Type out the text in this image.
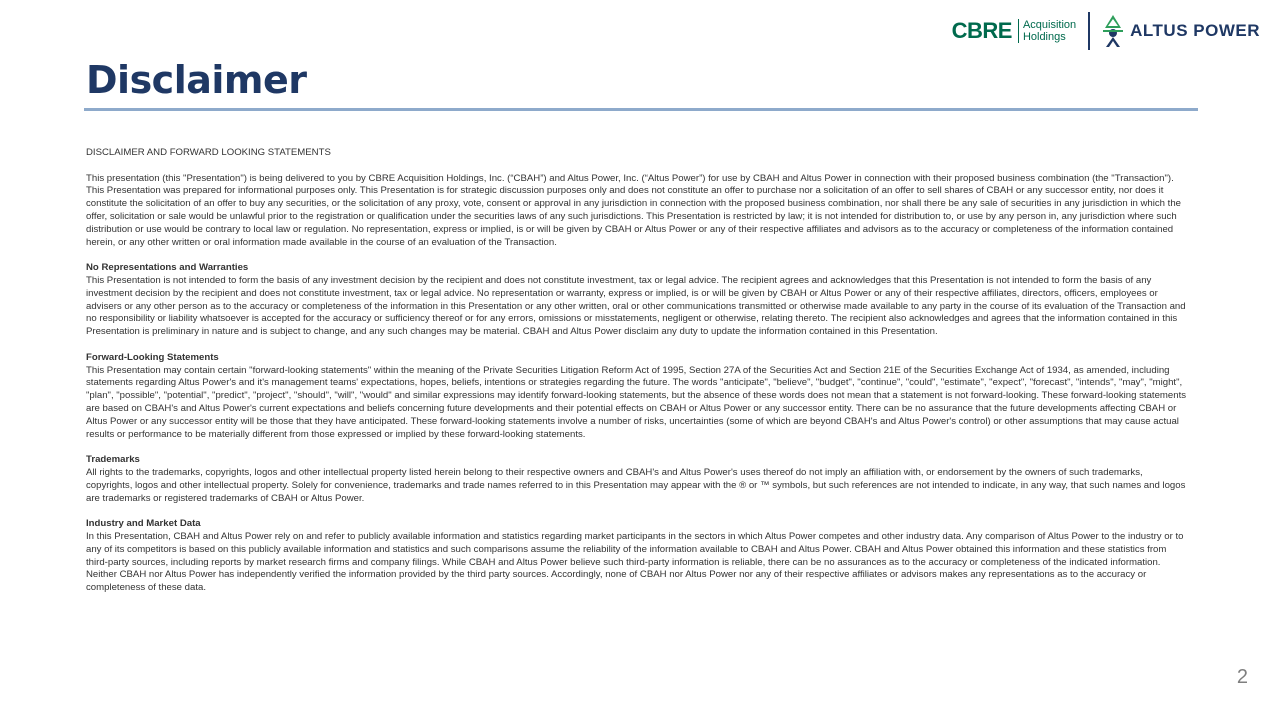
CBRE Acquisition
Holdings	ALTUS POWER
Disclaimer

DISCLAIMER AND FORWARD LOOKING STATEMENTS

This presentation (this "Presentation") is being delivered to you by CBRE Acquisition Holdings, Inc. (“CBAH”) and Altus Power, Inc. (“Altus Power”) for use by CBAH and Altus Power in connection with their proposed business combination (the "Transaction"). This Presentation was prepared for informational purposes only. This Presentation is for strategic discussion purposes only and does not constitute an offer to purchase nor a solicitation of an offer to sell shares of CBAH or any successor entity, nor does it constitute the solicitation of an offer to buy any securities, or the solicitation of any proxy, vote, consent or approval in any jurisdiction in connection with the proposed business combination, nor shall there be any sale of securities in any jurisdiction in which the offer, solicitation or sale would be unlawful prior to the registration or qualification under the securities laws of any such jurisdictions. This Presentation is restricted by law; it is not intended for distribution to, or use by any person in, any jurisdiction where such distribution or use would be contrary to local law or regulation. No representation, express or implied, is or will be given by CBAH or Altus Power or any of their respective affiliates and advisors as to the accuracy or completeness of the information contained herein, or any other written or oral information made available in the course of an evaluation of the Transaction.

No Representations and Warranties

This Presentation is not intended to form the basis of any investment decision by the recipient and does not constitute investment, tax or legal advice. The recipient agrees and acknowledges that this Presentation is not intended to form the basis of any investment decision by the recipient and does not constitute investment, tax or legal advice. No representation or warranty, express or implied, is or will be given by CBAH or Altus Power or any of their respective affiliates, directors, officers, employees or advisers or any other person as to the accuracy or completeness of the information in this Presentation or any other written, oral or other communications transmitted or otherwise made available to any party in the course of its evaluation of the Transaction and no responsibility or liability whatsoever is accepted for the accuracy or sufficiency thereof or for any errors, omissions or misstatements, negligent or otherwise, relating thereto. The recipient also acknowledges and agrees that the information contained in this Presentation is preliminary in nature and is subject to change, and any such changes may be material. CBAH and Altus Power disclaim any duty to update the information contained in this Presentation.

Forward-Looking Statements

This Presentation may contain certain "forward-looking statements" within the meaning of the Private Securities Litigation Reform Act of 1995, Section 27A of the Securities Act and Section 21E of the Securities Exchange Act of 1934, as amended, including statements regarding Altus Power's and it's management teams' expectations, hopes, beliefs, intentions or strategies regarding the future. The words "anticipate", "believe", "budget", "continue", "could", "estimate", "expect", "forecast", "intends", "may", "might", "plan", "possible", "potential", "predict", "project", "should", "will", "would" and similar expressions may identify forward-looking statements, but the absence of these words does not mean that a statement is not forward-looking. These forward-looking statements are based on CBAH's and Altus Power's current expectations and beliefs concerning future developments and their potential effects on CBAH or Altus Power or any successor entity. There can be no assurance that the future developments affecting CBAH or Altus Power or any successor entity will be those that they have anticipated. These forward-looking statements involve a number of risks, uncertainties (some of which are beyond CBAH's and Altus Power's control) or other assumptions that may cause actual results or performance to be materially different from those expressed or implied by these forward-looking statements.

Trademarks

All rights to the trademarks, copyrights, logos and other intellectual property listed herein belong to their respective owners and CBAH's and Altus Power's uses thereof do not imply an affiliation with, or endorsement by the owners of such trademarks, copyrights, logos and other intellectual property. Solely for convenience, trademarks and trade names referred to in this Presentation may appear with the ® or ™ symbols, but such references are not intended to indicate, in any way, that such names and logos are trademarks or registered trademarks of CBAH or Altus Power.

Industry and Market Data

In this Presentation, CBAH and Altus Power rely on and refer to publicly available information and statistics regarding market participants in the sectors in which Altus Power competes and other industry data. Any comparison of Altus Power to the industry or to any of its competitors is based on this publicly available information and statistics and such comparisons assume the reliability of the information available to CBAH and Altus Power. CBAH and Altus Power obtained this information and these statistics from third-party sources, including reports by market research firms and company filings. While CBAH and Altus Power believe such third-party information is reliable, there can be no assurances as to the accuracy or completeness of the indicated information. Neither CBAH nor Altus Power has independently verified the information provided by the third party sources. Accordingly, none of CBAH nor Altus Power nor any of their respective affiliates or advisors makes any representations as to the accuracy or completeness of these data.

2
